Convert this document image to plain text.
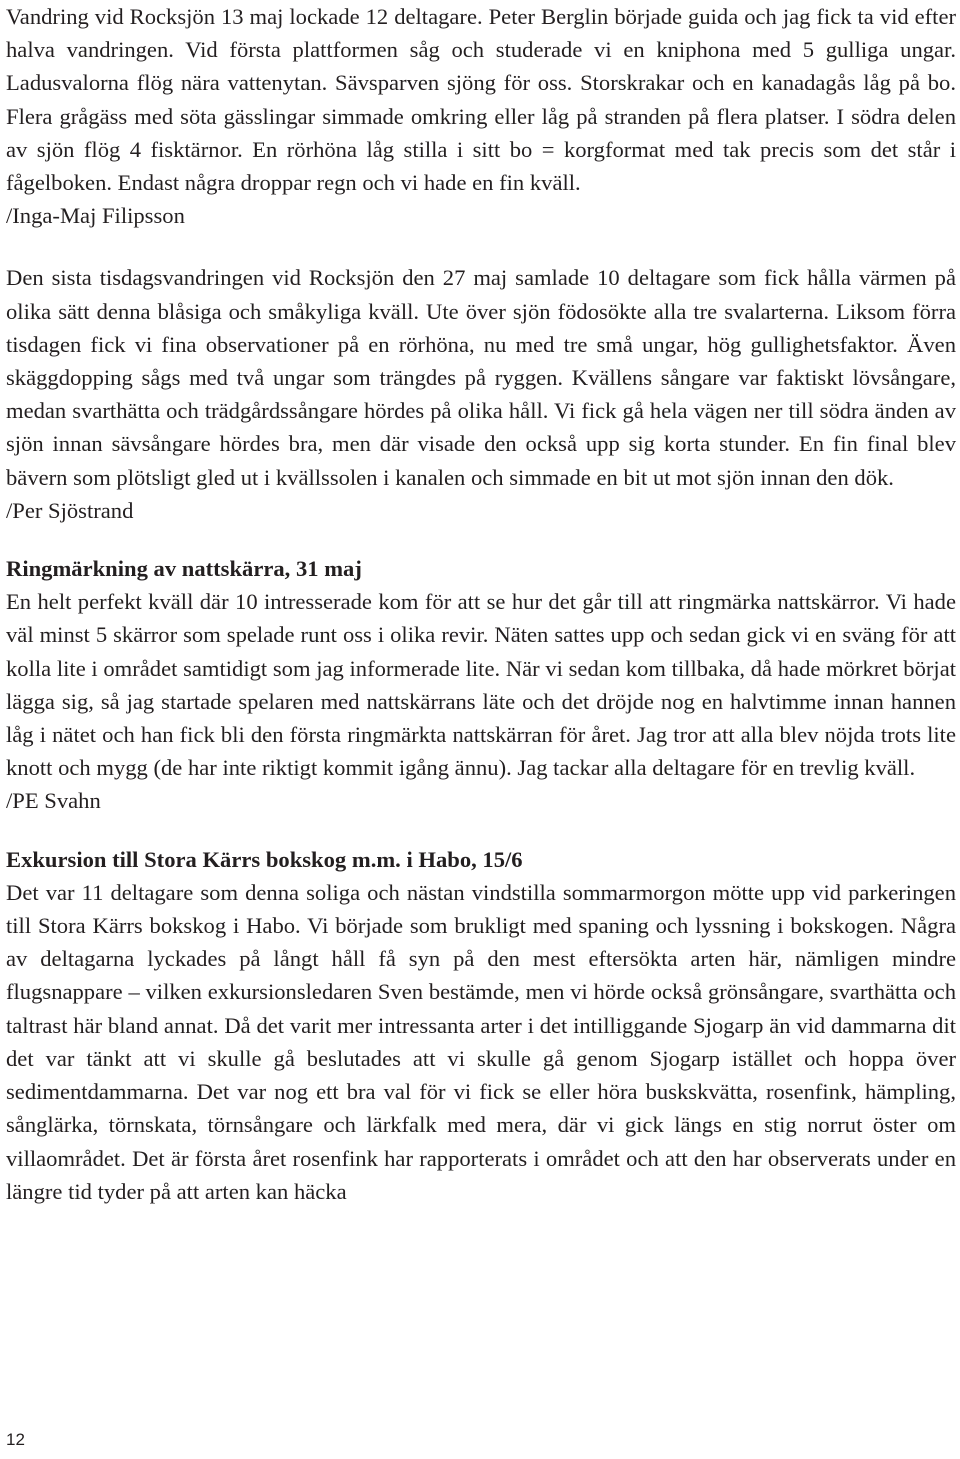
Vandring vid Rocksjön 13 maj lockade 12 deltagare. Peter Berglin började guida och jag fick ta vid efter halva vandringen. Vid första plattformen såg och studerade vi en kniphona med 5 gulliga ungar. Ladusvalorna flög nära vattenytan. Sävsparven sjöng för oss. Storskrakar och en kanadagås låg på bo. Flera grågäss med söta gässlingar simmade omkring eller låg på stranden på flera platser. I södra delen av sjön flög 4 fisktärnor. En rörhöna låg stilla i sitt bo = korgformat med tak precis som det står i fågelboken. Endast några droppar regn och vi hade en fin kväll.

/Inga-Maj Filipsson

Den sista tisdagsvandringen vid Rocksjön den 27 maj samlade 10 deltagare som fick hålla värmen på olika sätt denna blåsiga och småkyliga kväll. Ute över sjön födosökte alla tre svalarterna. Liksom förra tisdagen fick vi fina observationer på en rörhöna, nu med tre små ungar, hög gullighetsfaktor. Även skäggdopping sågs med två ungar som trängdes på ryggen. Kvällens sångare var faktiskt lövsångare, medan svarthätta och trädgårdssångare hördes på olika håll. Vi fick gå hela vägen ner till södra änden av sjön innan sävsångare hördes bra, men där visade den också upp sig korta stunder. En fin final blev bävern som plötsligt gled ut i kvällssolen i kanalen och simmade en bit ut mot sjön innan den dök.

/Per Sjöstrand

Ringmärkning av nattskärra, 31 maj

En helt perfekt kväll där 10 intresserade kom för att se hur det går till att ringmärka nattskärror. Vi hade väl minst 5 skärror som spelade runt oss i olika revir. Näten sattes upp och sedan gick vi en sväng för att kolla lite i området samtidigt som jag informerade lite. När vi sedan kom tillbaka, då hade mörkret börjat lägga sig, så jag startade spelaren med nattskärrans läte och det dröjde nog en halvtimme innan hannen låg i nätet och han fick bli den första ringmärkta nattskärran för året. Jag tror att alla blev nöjda trots lite knott och mygg (de har inte riktigt kommit igång ännu). Jag tackar alla deltagare för en trevlig kväll.

/PE Svahn

Exkursion till Stora Kärrs bokskog m.m. i Habo, 15/6

Det var 11 deltagare som denna soliga och nästan vindstilla sommarmorgon mötte upp vid parkeringen till Stora Kärrs bokskog i Habo. Vi började som brukligt med spaning och lyssning i bokskogen. Några av deltagarna lyckades på långt håll få syn på den mest eftersökta arten här, nämligen mindre flugsnappare – vilken exkursionsledaren Sven bestämde, men vi hörde också grönsångare, svarthätta och taltrast här bland annat. Då det varit mer intressanta arter i det intilliggande Sjogarp än vid dammarna dit det var tänkt att vi skulle gå beslutades att vi skulle gå genom Sjogarp istället och hoppa över sedimentdammarna. Det var nog ett bra val för vi fick se eller höra buskskvätta, rosenfink, hämpling, sånglärka, törnskata, törnsångare och lärkfalk med mera, där vi gick längs en stig norrut öster om villaområdet. Det är första året rosenfink har rapporterats i området och att den har observerats under en längre tid tyder på att arten kan häcka

12
